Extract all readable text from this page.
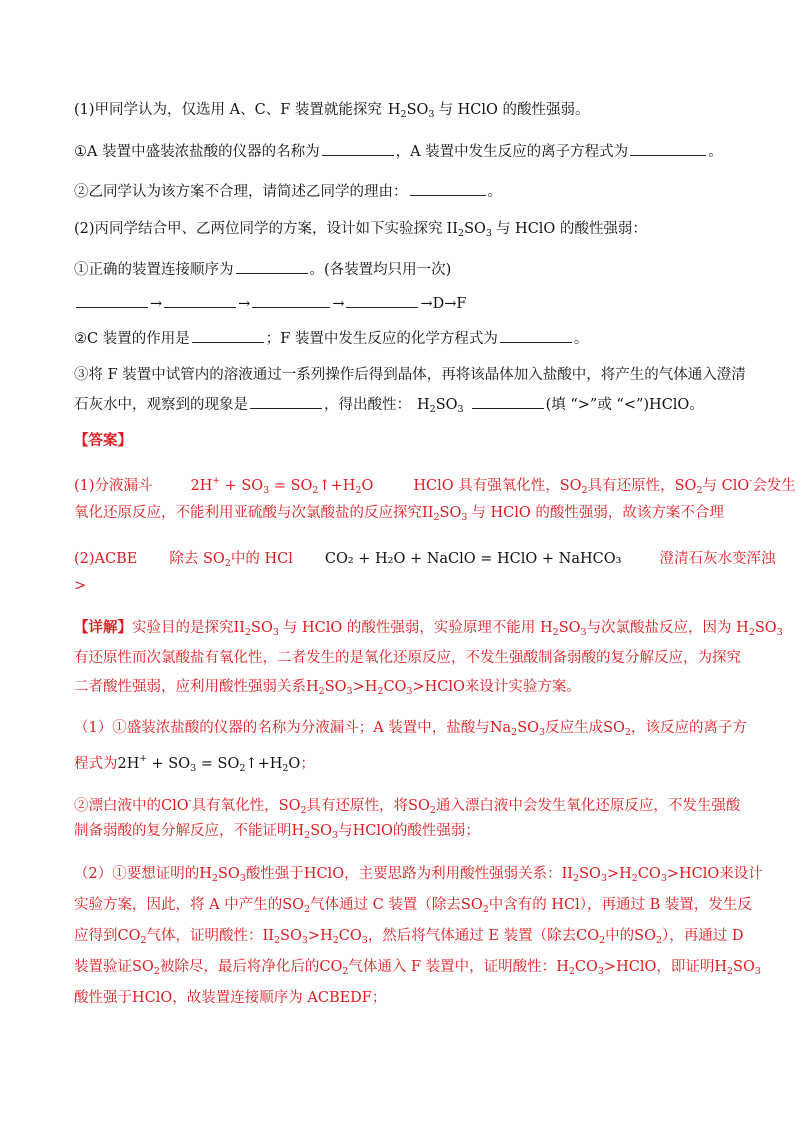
(1)甲同学认为，仅选用 A、C、F 装置就能探究 $H_2SO_3$ 与 HClO 的酸性强弱。
①A 装置中盛装浓盐酸的仪器的名称为	，A 装置中发生反应的离子方程式为	。
②乙同学认为该方案不合理，请简述乙同学的理由：	。
(2)丙同学结合甲、乙两位同学的方案，设计如下实验探究 $II_2SO_3$ 与 HClO 的酸性强弱：
①正确的装置连接顺序为	。(各装置均只用一次)
→	→	→	→D→F
②C 装置的作用是	；F 装置中发生反应的化学方程式为	。
③将 F 装置中试管内的溶液通过一系列操作后得到晶体，再将该晶体加入盐酸中，将产生的气体通入澄清
石灰水中，观察到的现象是	，得出酸性： $H_2SO_3$	(填 “>”或 “<”)HClO。
【答案】
(1)分液漏斗	$2H^+ + SO_3$ = $SO_2↑+H_2O$	HClO 具有强氧化性，$SO_2$具有还原性，$SO_2$与 ClO-会发生
氧化还原反应，不能利用亚硫酸与次氯酸盐的反应探究$II_2SO_3$ 与 HClO 的酸性强弱，故该方案不合理
(2)ACBE 除去 $SO_2$中的 HCl CO₂ + H₂O + NaClO = HClO + NaHCO₃	澄清石灰水变浑浊
>
【详解】实验目的是探究$II_2SO_3$ 与 HClO 的酸性强弱，实验原理不能用 $H_2SO_3$与次氯酸盐反应，因为 $H_2SO_3$
有还原性而次氯酸盐有氧化性，二者发生的是氧化还原反应，不发生强酸制备弱酸的复分解反应，为探究
二者酸性强弱，应利用酸性强弱关系$H_2SO_3>H_2CO_3>HClO$来设计实验方案。
（1）①盛装浓盐酸的仪器的名称为分液漏斗；A 装置中，盐酸与$Na_2SO_3$反应生成$SO_2$，该反应的离子方
程式为$2H^+ + SO_3$ = $SO_2↑+H_2O$；
②漂白液中的ClO-具有氧化性，$SO_2$具有还原性，将$SO_2$通入漂白液中会发生氧化还原反应，不发生强酸
制备弱酸的复分解反应，不能证明$H_2SO_3$与HClO的酸性强弱；
（2）①要想证明的$H_2SO_3$酸性强于HClO，主要思路为利用酸性强弱关系：$II_2SO_3>H_2CO_3>HClO$来设计
实验方案，因此，将 A 中产生的$SO_2$气体通过 C 装置（除去$SO_2$中含有的 HCl），再通过 B 装置，发生反
应得到$CO_2$气体，证明酸性：$II_2SO_3>H_2CO_3$，然后将气体通过 E 装置（除去$CO_2$中的$SO_2$），再通过 D
装置验证$SO_2$被除尽，最后将净化后的$CO_2$气体通入 F 装置中，证明酸性：$H_2CO_3>HClO$，即证明$H_2SO_3$
酸性强于HClO，故装置连接顺序为 ACBEDF；
